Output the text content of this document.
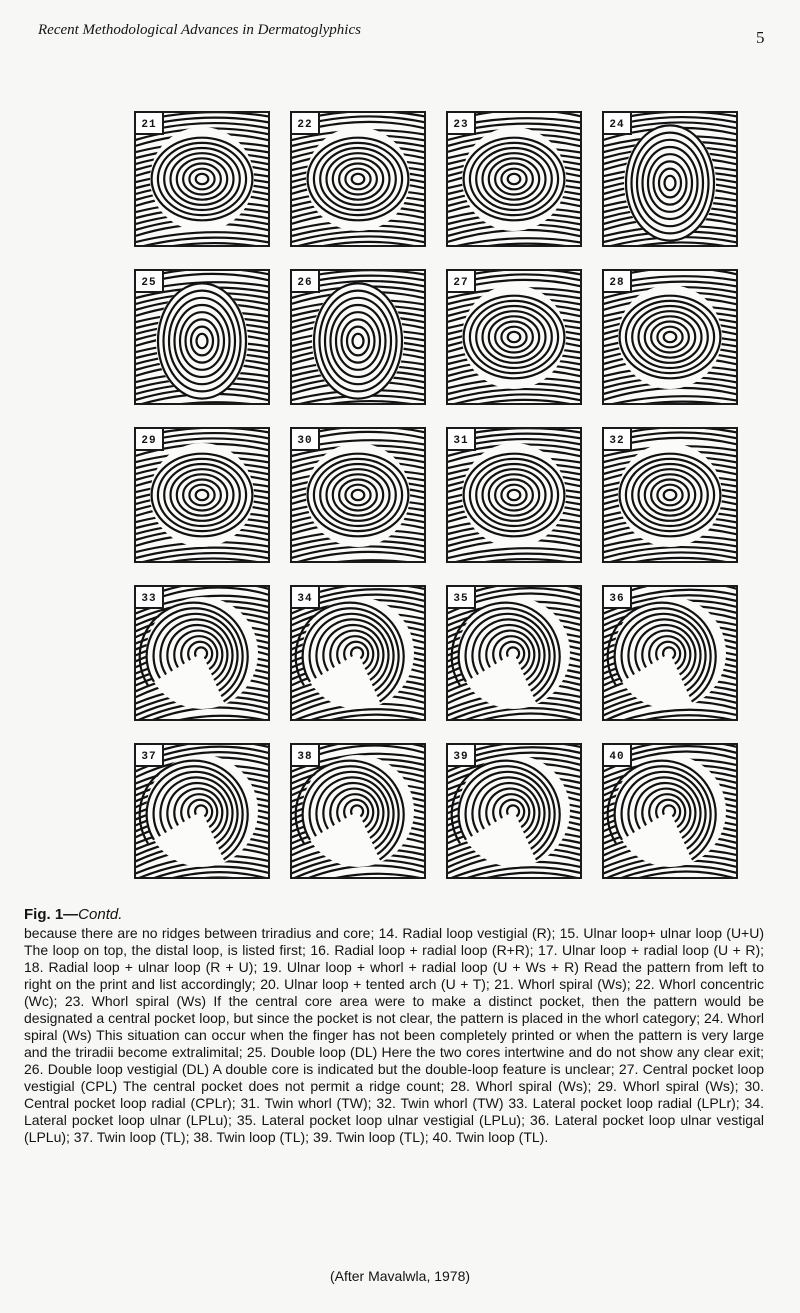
Recent Methodological Advances in Dermatoglyphics	5
21	22	23	24
25	26	27	28
29	30	31	32
33	34	35	36
37	38	39	40

Fig. 1—Contd.

because there are no ridges between triradius and core; 14. Radial loop vestigial (R); 15. Ulnar loop+ ulnar loop (U+U) The loop on top, the distal loop, is listed first; 16. Radial loop + radial loop (R+R); 17. Ulnar loop + radial loop (U + R); 18. Radial loop + ulnar loop (R + U); 19. Ulnar loop + whorl + radial loop (U + Ws + R) Read the pattern from left to right on the print and list accordingly; 20. Ulnar loop + tented arch (U + T); 21. Whorl spiral (Ws); 22. Whorl concentric (Wc); 23. Whorl spiral (Ws) If the central core area were to make a distinct pocket, then the pattern would be designated a central pocket loop, but since the pocket is not clear, the pattern is placed in the whorl category; 24. Whorl spiral (Ws) This situation can occur when the finger has not been completely printed or when the pattern is very large and the triradii become extralimital; 25. Double loop (DL) Here the two cores intertwine and do not show any clear exit; 26. Double loop vestigial (DL) A double core is indicated but the double-loop feature is unclear; 27. Central pocket loop vestigial (CPL) The central pocket does not permit a ridge count; 28. Whorl spiral (Ws); 29. Whorl spiral (Ws); 30. Central pocket loop radial (CPLr); 31. Twin whorl (TW); 32. Twin whorl (TW) 33. Lateral pocket loop radial (LPLr); 34. Lateral pocket loop ulnar (LPLu); 35. Lateral pocket loop ulnar vestigial (LPLu); 36. Lateral pocket loop ulnar vestigal (LPLu); 37. Twin loop (TL); 38. Twin loop (TL); 39. Twin loop (TL); 40. Twin loop (TL).

(After Mavalwla, 1978)
